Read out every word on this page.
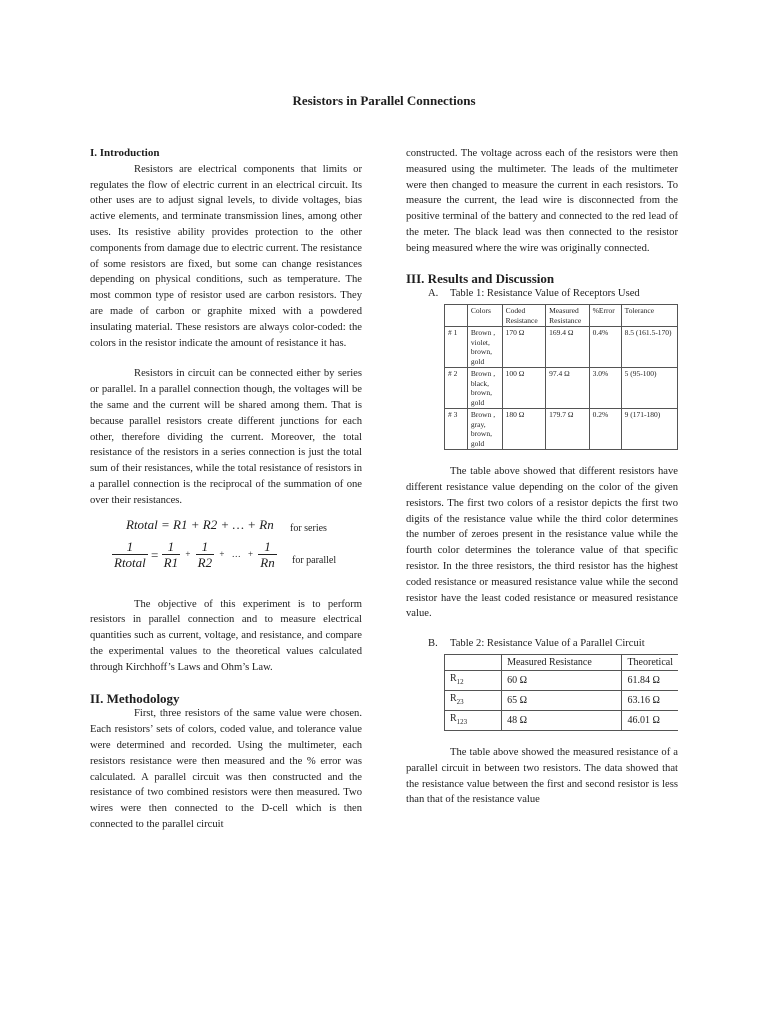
Resistors in Parallel Connections
I. Introduction

Resistors are electrical components that limits or regulates the flow of electric current in an electrical circuit. Its other uses are to adjust signal levels, to divide voltages, bias active elements, and terminate transmission lines, among other uses. Its resistive ability provides protection to the other components from damage due to electric current. The resistance of some resistors are fixed, but some can change resistances depending on physical conditions, such as temperature. The most common type of resistor used are carbon resistors. They are made of carbon or graphite mixed with a powdered insulating material. These resistors are always color-coded: the colors in the resistor indicate the amount of resistance it has.

Resistors in circuit can be connected either by series or parallel. In a parallel connection though, the voltages will be the same and the current will be shared among them. That is because parallel resistors create different junctions for each other, therefore dividing the current. Moreover, the total resistance of the resistors in a series connection is just the total sum of their resistances, while the total resistance of resistors in a parallel connection is the reciprocal of the summation of one over their resistances.

Rtotal = R1 + R2 + … + Rn for series
$\frac{1}{\text{Rtotal}} = \frac{1}{R1} + \frac{1}{R2}$ + … + $\frac{1}{Rn}$ for parallel

The objective of this experiment is to perform resistors in parallel connection and to measure electrical quantities such as current, voltage, and resistance, and compare the experimental values to the theoretical values calculated through Kirchhoff’s Laws and Ohm’s Law.

II. Methodology

First, three resistors of the same value were chosen. Each resistors’ sets of colors, coded value, and tolerance value were determined and recorded. Using the multimeter, each resistors resistance were then measured and the % error was calculated. A parallel circuit was then constructed and the resistance of two combined resistors were then measured. Two wires were then connected to the D-cell which is then connected to the parallel circuit

constructed. The voltage across each of the resistors were then measured using the multimeter. The leads of the multimeter were then changed to measure the current in each resistors. To measure the current, the lead wire is disconnected from the positive terminal of the battery and connected to the red lead of the meter. The black lead was then connected to the resistor being measured where the wire was originally connected.

III. Results and Discussion
A. Table 1: Resistance Value of Receptors Used
	Colors	Coded Resistance	Measured Resistance	%Error	Tolerance
# 1	Brown , violet, brown, gold	170 Ω	169.4 Ω	0.4%	8.5 (161.5-170)
# 2	Brown , black, brown, gold	100 Ω	97.4 Ω	3.0%	5 (95-100)
# 3	Brown , gray, brown, gold	180 Ω	179.7 Ω	0.2%	9 (171-180)

The table above showed that different resistors have different resistance value depending on the color of the given resistors. The first two colors of a resistor depicts the first two digits of the resistance value while the third color determines the number of zeroes present in the resistance value while the fourth color determines the tolerance value of that specific resistor. In the three resistors, the third resistor has the highest coded resistance or measured resistance value while the second resistor have the least coded resistance or measured resistance value.

B. Table 2: Resistance Value of a Parallel Circuit
	Measured Resistance	Theoretical
$R_{12}$	60 Ω	61.84 Ω
$R_{23}$	65 Ω	63.16 Ω
$R_{123}$	48 Ω	46.01 Ω

The table above showed the measured resistance of a parallel circuit in between two resistors. The data showed that the resistance value between the first and second resistor is less than that of the resistance value
